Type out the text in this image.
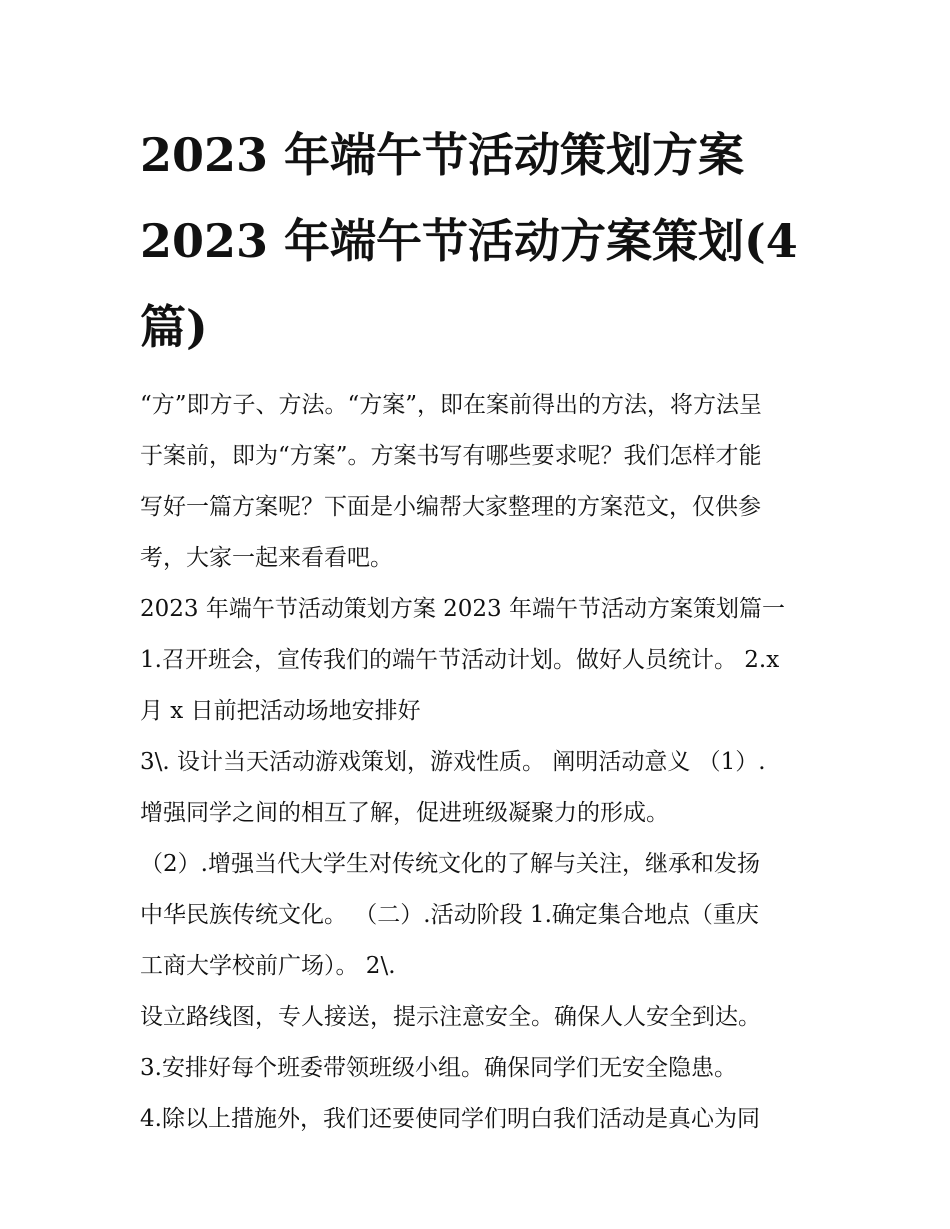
2023 年端午节活动策划方案
2023 年端午节活动方案策划(4
篇)
“方”即方子、方法。“方案”，即在案前得出的方法，将方法呈
于案前，即为“方案”。方案书写有哪些要求呢？我们怎样才能
写好一篇方案呢？下面是小编帮大家整理的方案范文，仅供参
考，大家一起来看看吧。
2023 年端午节活动策划方案 2023 年端午节活动方案策划篇一
1.召开班会，宣传我们的端午节活动计划。做好人员统计。 2.x
月 x 日前把活动场地安排好
3\. 设计当天活动游戏策划，游戏性质。 阐明活动意义 （1）.
增强同学之间的相互了解，促进班级凝聚力的形成。
（2）.增强当代大学生对传统文化的了解与关注，继承和发扬
中华民族传统文化。 （二）.活动阶段 1.确定集合地点（重庆
工商大学校前广场）。 2\.
设立路线图，专人接送，提示注意安全。确保人人安全到达。
3.安排好每个班委带领班级小组。确保同学们无安全隐患。
4.除以上措施外，我们还要使同学们明白我们活动是真心为同
